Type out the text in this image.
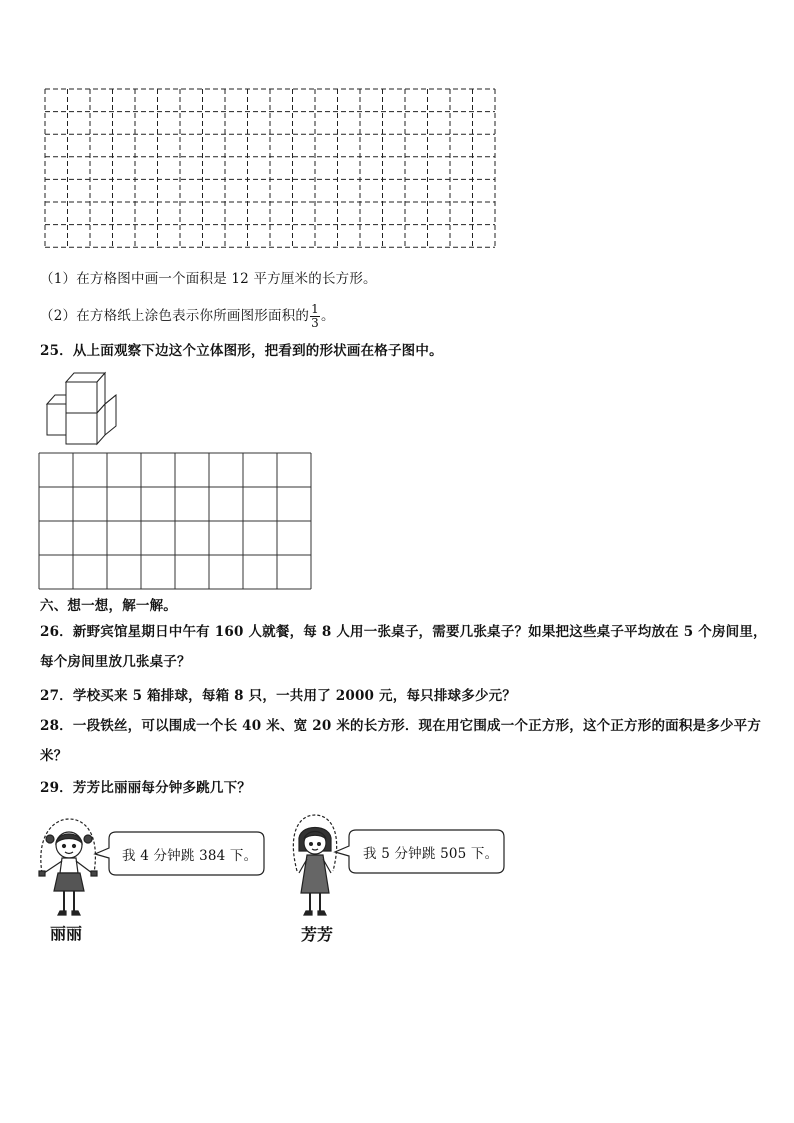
（1）在方格图中画一个面积是 12 平方厘米的长方形。
（2）在方格纸上涂色表示你所画图形面积的 $\frac{1}{3}$ 。
25．从上面观察下边这个立体图形，把看到的形状画在格子图中。
六、想一想，解一解。
26．新野宾馆星期日中午有 160 人就餐，每 8 人用一张桌子，需要几张桌子？如果把这些桌子平均放在 5 个房间里，
每个房间里放几张桌子？
27．学校买来 5 箱排球，每箱 8 只，一共用了 2000 元，每只排球多少元？
28．一段铁丝，可以围成一个长 40 米、宽 20 米的长方形．现在用它围成一个正方形，这个正方形的面积是多少平方
米？
29．芳芳比丽丽每分钟多跳几下？
丽丽
我 4 分钟跳 384 下。
芳芳
我 5 分钟跳 505 下。
